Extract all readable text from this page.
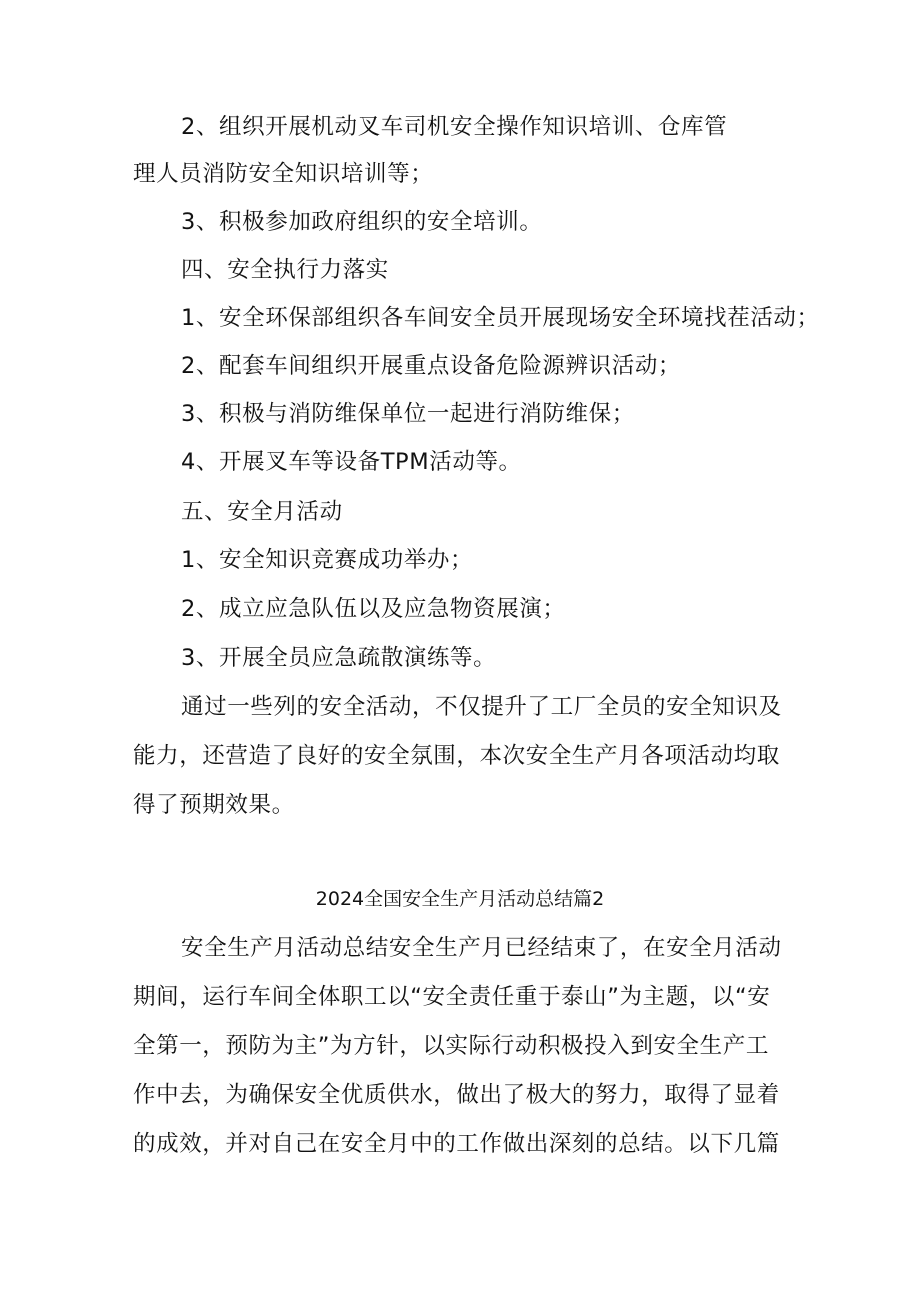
2、组织开展机动叉车司机安全操作知识培训、仓库管
理人员消防安全知识培训等；
3、积极参加政府组织的安全培训。
四、安全执行力落实
1、安全环保部组织各车间安全员开展现场安全环境找茬活动；
2、配套车间组织开展重点设备危险源辨识活动；
3、积极与消防维保单位一起进行消防维保；
4、开展叉车等设备TPM活动等。
五、安全月活动
1、安全知识竞赛成功举办；
2、成立应急队伍以及应急物资展演；
3、开展全员应急疏散演练等。
通过一些列的安全活动，不仅提升了工厂全员的安全知识及
能力，还营造了良好的安全氛围，本次安全生产月各项活动均取
得了预期效果。
2024全国安全生产月活动总结篇2
安全生产月活动总结安全生产月已经结束了，在安全月活动
期间，运行车间全体职工以“安全责任重于泰山”为主题，以“安
全第一，预防为主”为方针，以实际行动积极投入到安全生产工
作中去，为确保安全优质供水，做出了极大的努力，取得了显着
的成效，并对自己在安全月中的工作做出深刻的总结。以下几篇
